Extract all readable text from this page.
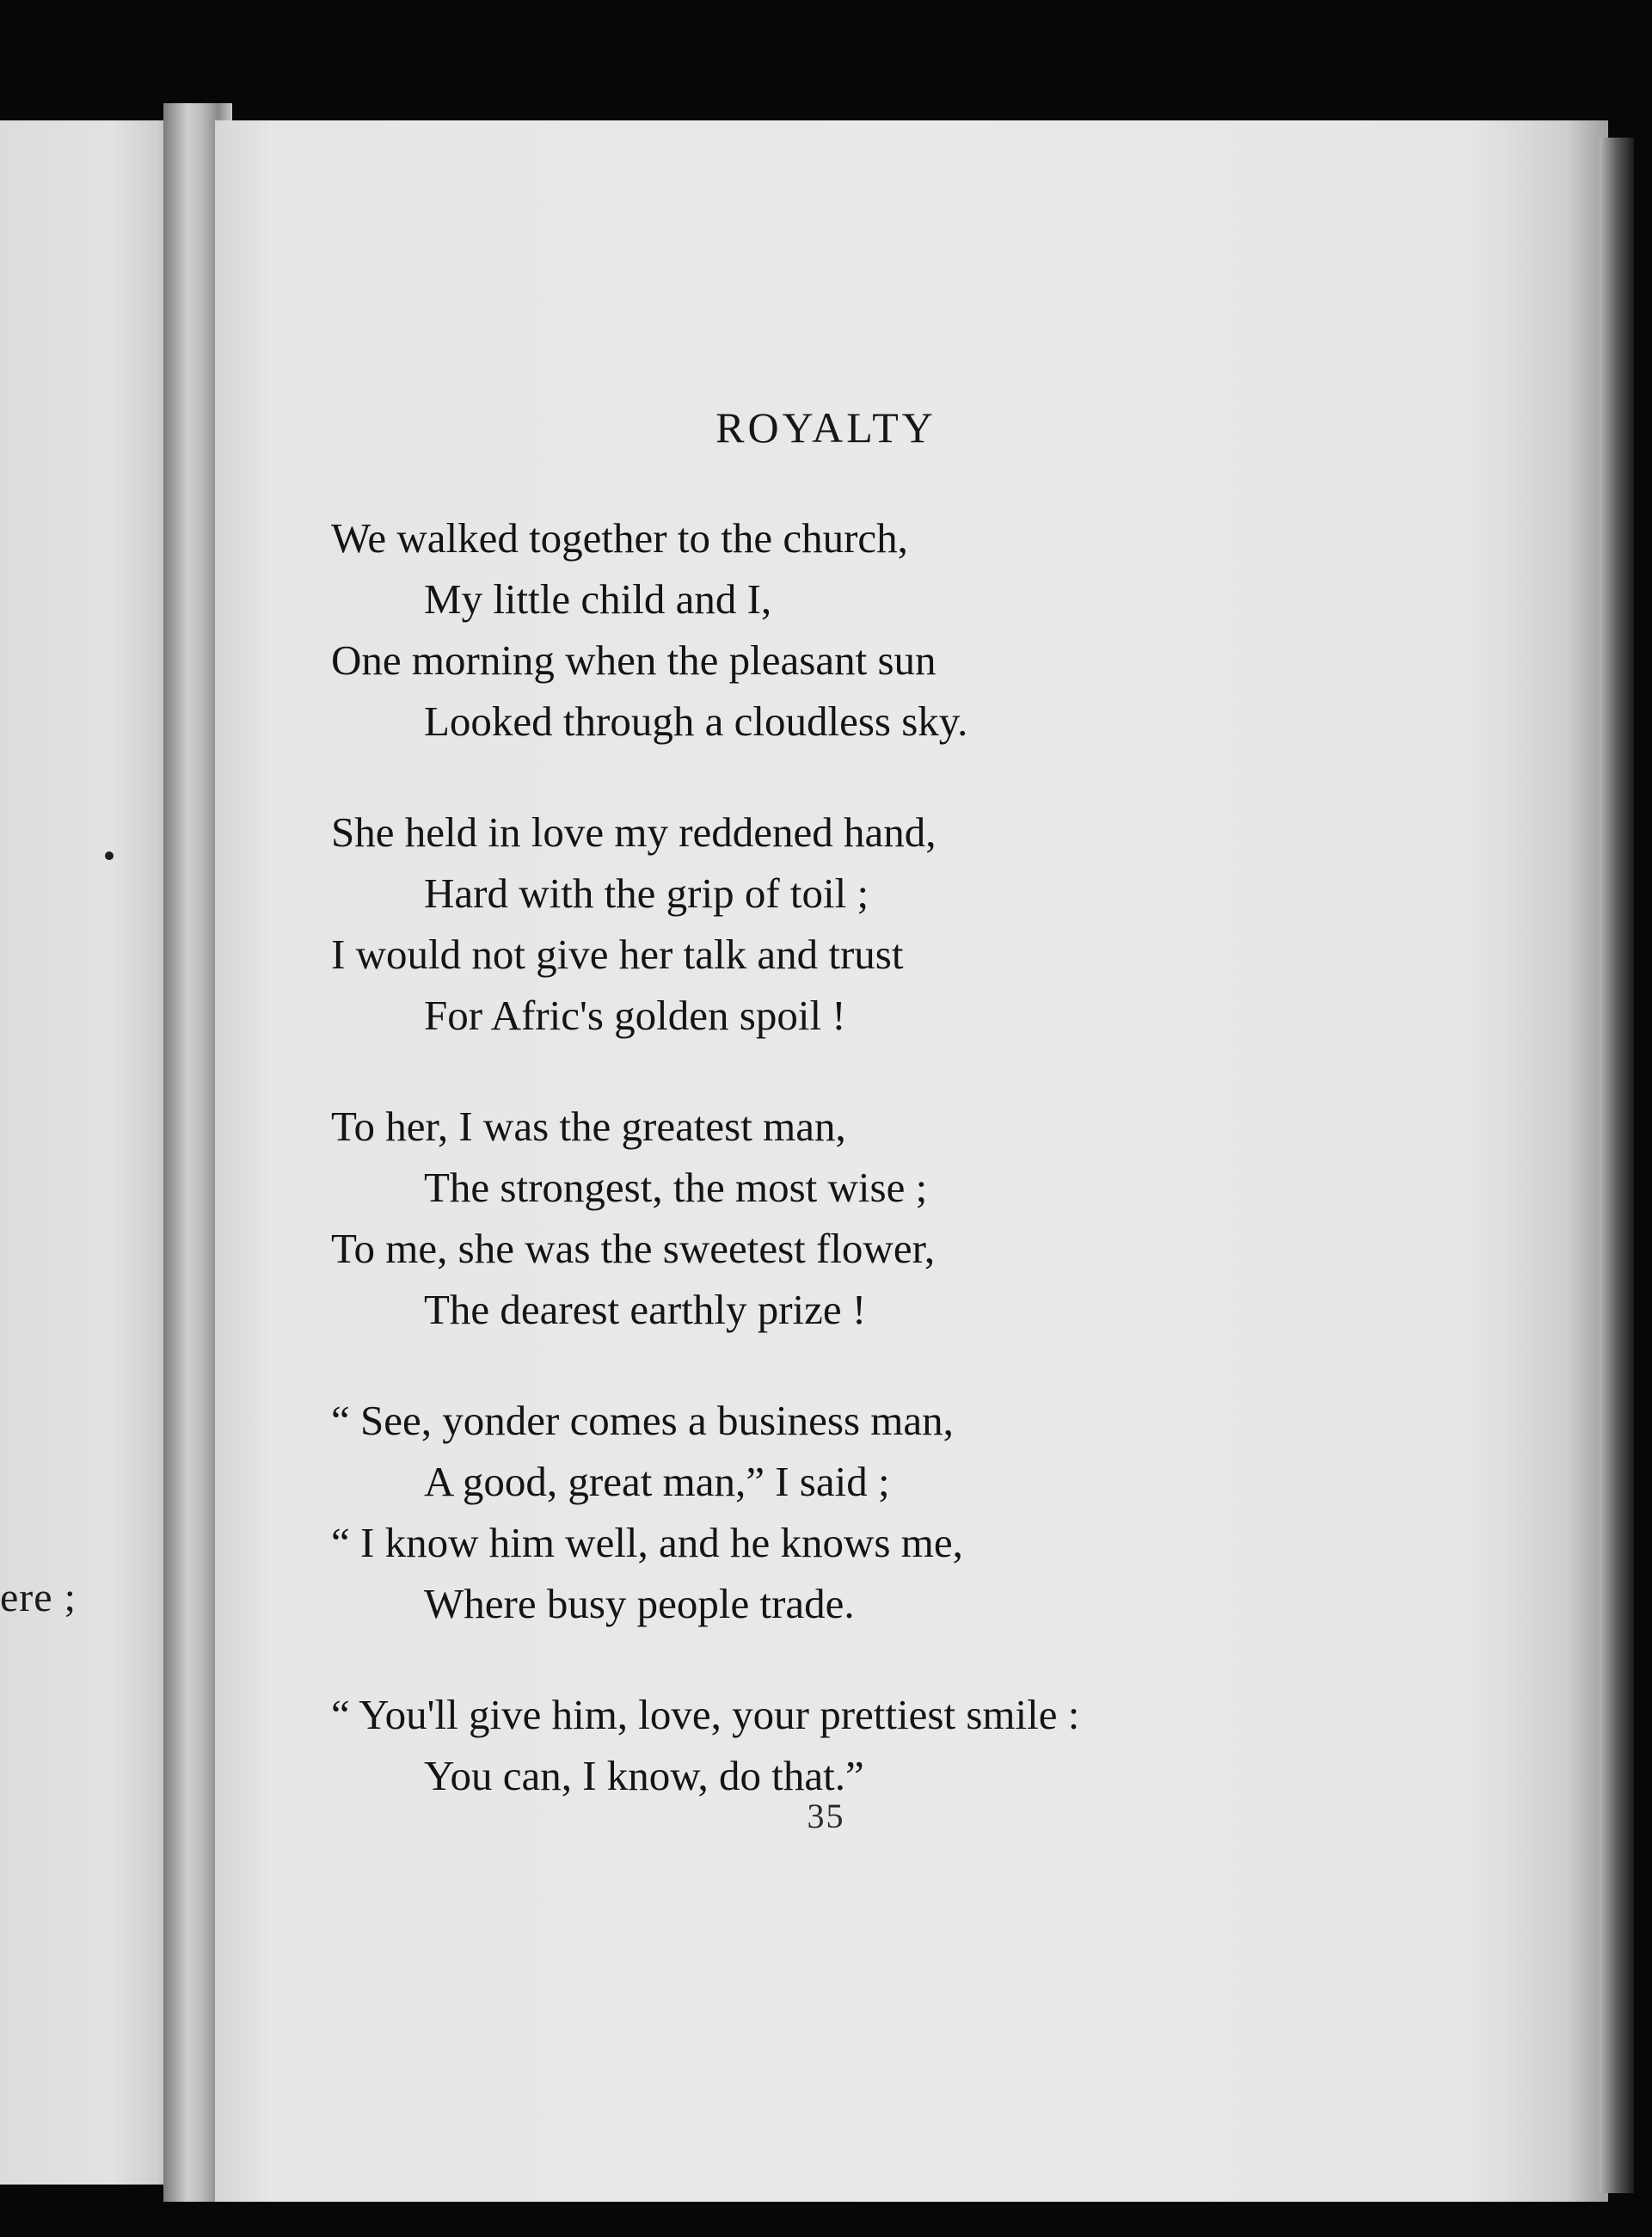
ere ;
ROYALTY
We walked together to the church,
My little child and I,
One morning when the pleasant sun
Looked through a cloudless sky.
She held in love my reddened hand,
Hard with the grip of toil ;
I would not give her talk and trust
For Afric's golden spoil !
To her, I was the greatest man,
The strongest, the most wise ;
To me, she was the sweetest flower,
The dearest earthly prize !
“ See, yonder comes a business man,
A good, great man,” I said ;
“ I know him well, and he knows me,
Where busy people trade.
“ You'll give him, love, your prettiest smile :
You can, I know, do that.”
35
